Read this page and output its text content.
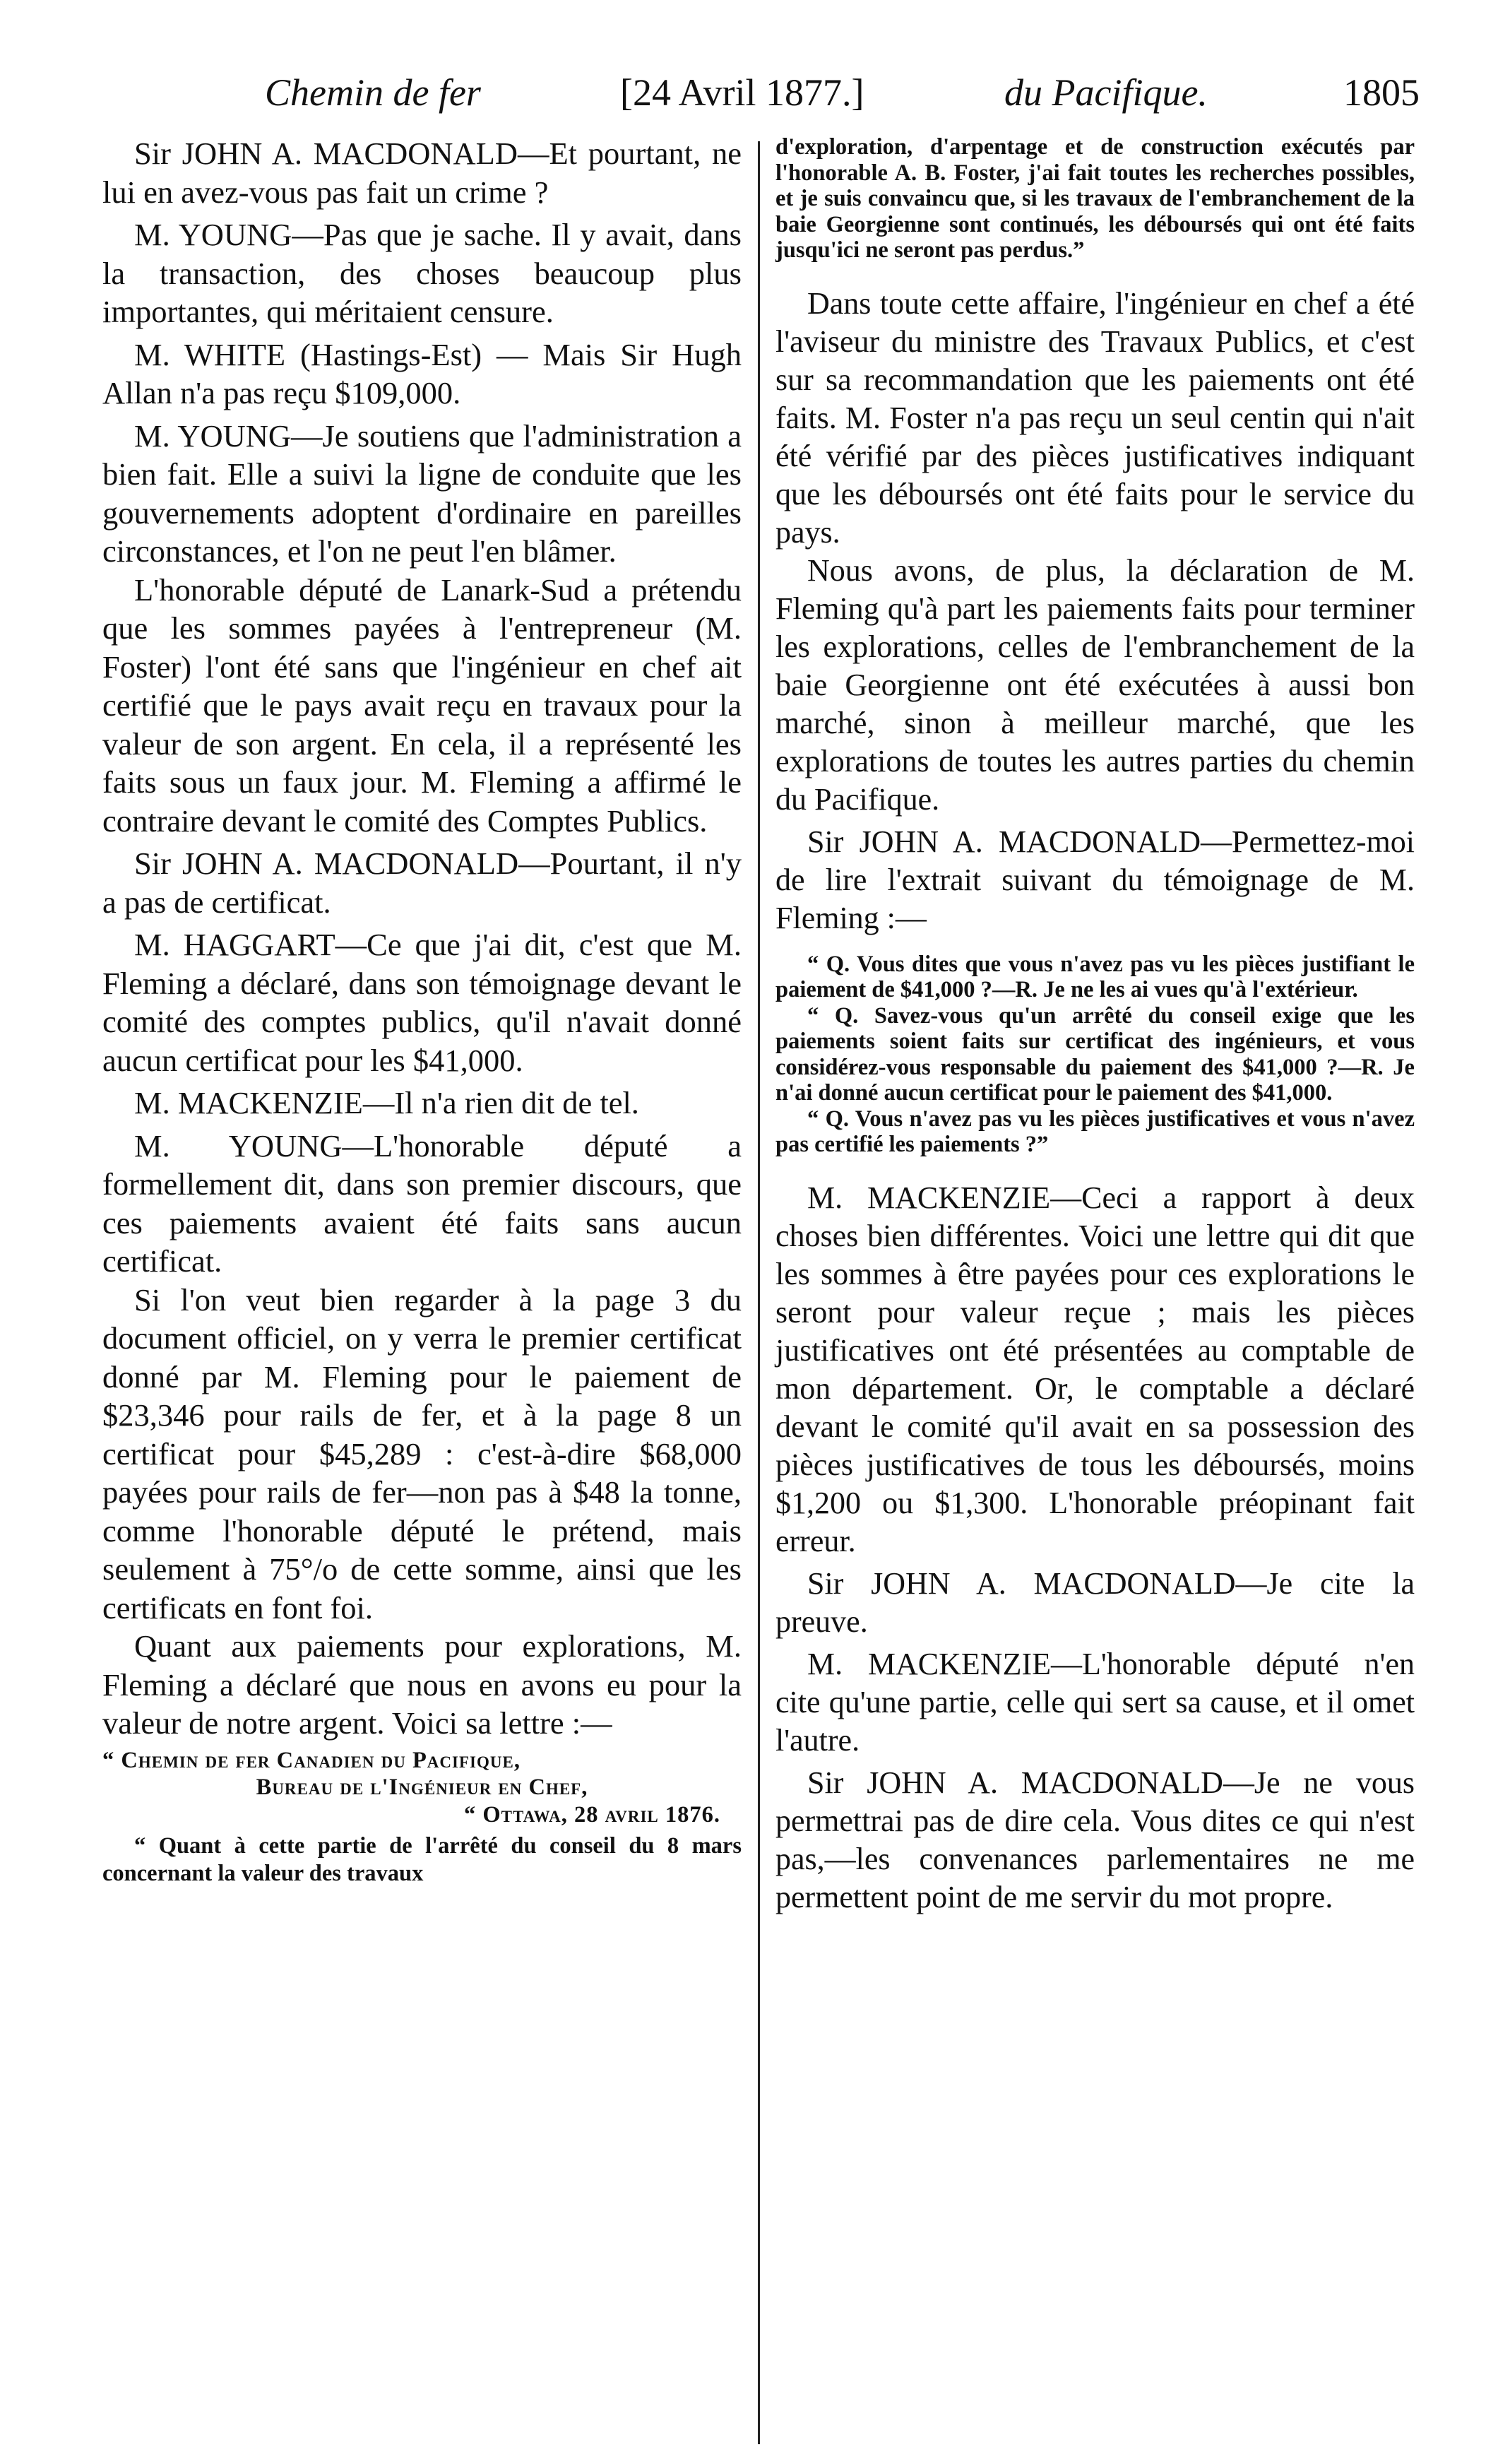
Chemin de fer	[24 Avril 1877.]	du Pacifique.	1805

Sir JOHN A. MACDONALD—Et pourtant, ne lui en avez-vous pas fait un crime ?

M. YOUNG—Pas que je sache. Il y avait, dans la transaction, des choses beaucoup plus importantes, qui méritaient censure.

M. WHITE (Hastings-Est) — Mais Sir Hugh Allan n'a pas reçu $109,000.

M. YOUNG—Je soutiens que l'administration a bien fait. Elle a suivi la ligne de conduite que les gouvernements adoptent d'ordinaire en pareilles circonstances, et l'on ne peut l'en blâmer.

L'honorable député de Lanark-Sud a prétendu que les sommes payées à l'entrepreneur (M. Foster) l'ont été sans que l'ingénieur en chef ait certifié que le pays avait reçu en travaux pour la valeur de son argent. En cela, il a représenté les faits sous un faux jour. M. Fleming a affirmé le contraire devant le comité des Comptes Publics.

Sir JOHN A. MACDONALD—Pourtant, il n'y a pas de certificat.

M. HAGGART—Ce que j'ai dit, c'est que M. Fleming a déclaré, dans son témoignage devant le comité des comptes publics, qu'il n'avait donné aucun certificat pour les $41,000.

M. MACKENZIE—Il n'a rien dit de tel.

M. YOUNG—L'honorable député a formellement dit, dans son premier discours, que ces paiements avaient été faits sans aucun certificat.

Si l'on veut bien regarder à la page 3 du document officiel, on y verra le premier certificat donné par M. Fleming pour le paiement de $23,346 pour rails de fer, et à la page 8 un certificat pour $45,289 : c'est-à-dire $68,000 payées pour rails de fer—non pas à $48 la tonne, comme l'honorable député le prétend, mais seulement à 75°/o de cette somme, ainsi que les certificats en font foi.

Quant aux paiements pour explorations, M. Fleming a déclaré que nous en avons eu pour la valeur de notre argent. Voici sa lettre :—

“ Chemin de fer Canadien du Pacifique,

Bureau de l'Ingénieur en Chef,

“ Ottawa, 28 avril 1876.

“ Quant à cette partie de l'arrêté du conseil du 8 mars concernant la valeur des travaux

d'exploration, d'arpentage et de construction exécutés par l'honorable A. B. Foster, j'ai fait toutes les recherches possibles, et je suis convaincu que, si les travaux de l'embranchement de la baie Georgienne sont continués, les déboursés qui ont été faits jusqu'ici ne seront pas perdus.”

Dans toute cette affaire, l'ingénieur en chef a été l'aviseur du ministre des Travaux Publics, et c'est sur sa recommandation que les paiements ont été faits. M. Foster n'a pas reçu un seul centin qui n'ait été vérifié par des pièces justificatives indiquant que les déboursés ont été faits pour le service du pays.

Nous avons, de plus, la déclaration de M. Fleming qu'à part les paiements faits pour terminer les explorations, celles de l'embranchement de la baie Georgienne ont été exécutées à aussi bon marché, sinon à meilleur marché, que les explorations de toutes les autres parties du chemin du Pacifique.

Sir JOHN A. MACDONALD—Permettez-moi de lire l'extrait suivant du témoignage de M. Fleming :—

“ Q. Vous dites que vous n'avez pas vu les pièces justifiant le paiement de $41,000 ?—R. Je ne les ai vues qu'à l'extérieur.

“ Q. Savez-vous qu'un arrêté du conseil exige que les paiements soient faits sur certificat des ingénieurs, et vous considérez-vous responsable du paiement des $41,000 ?—R. Je n'ai donné aucun certificat pour le paiement des $41,000.

“ Q. Vous n'avez pas vu les pièces justificatives et vous n'avez pas certifié les paiements ?”

M. MACKENZIE—Ceci a rapport à deux choses bien différentes. Voici une lettre qui dit que les sommes à être payées pour ces explorations le seront pour valeur reçue ; mais les pièces justificatives ont été présentées au comptable de mon département. Or, le comptable a déclaré devant le comité qu'il avait en sa possession des pièces justificatives de tous les déboursés, moins $1,200 ou $1,300. L'honorable préopinant fait erreur.

Sir JOHN A. MACDONALD—Je cite la preuve.

M. MACKENZIE—L'honorable député n'en cite qu'une partie, celle qui sert sa cause, et il omet l'autre.

Sir JOHN A. MACDONALD—Je ne vous permettrai pas de dire cela. Vous dites ce qui n'est pas,—les convenances parlementaires ne me permettent point de me servir du mot propre.
